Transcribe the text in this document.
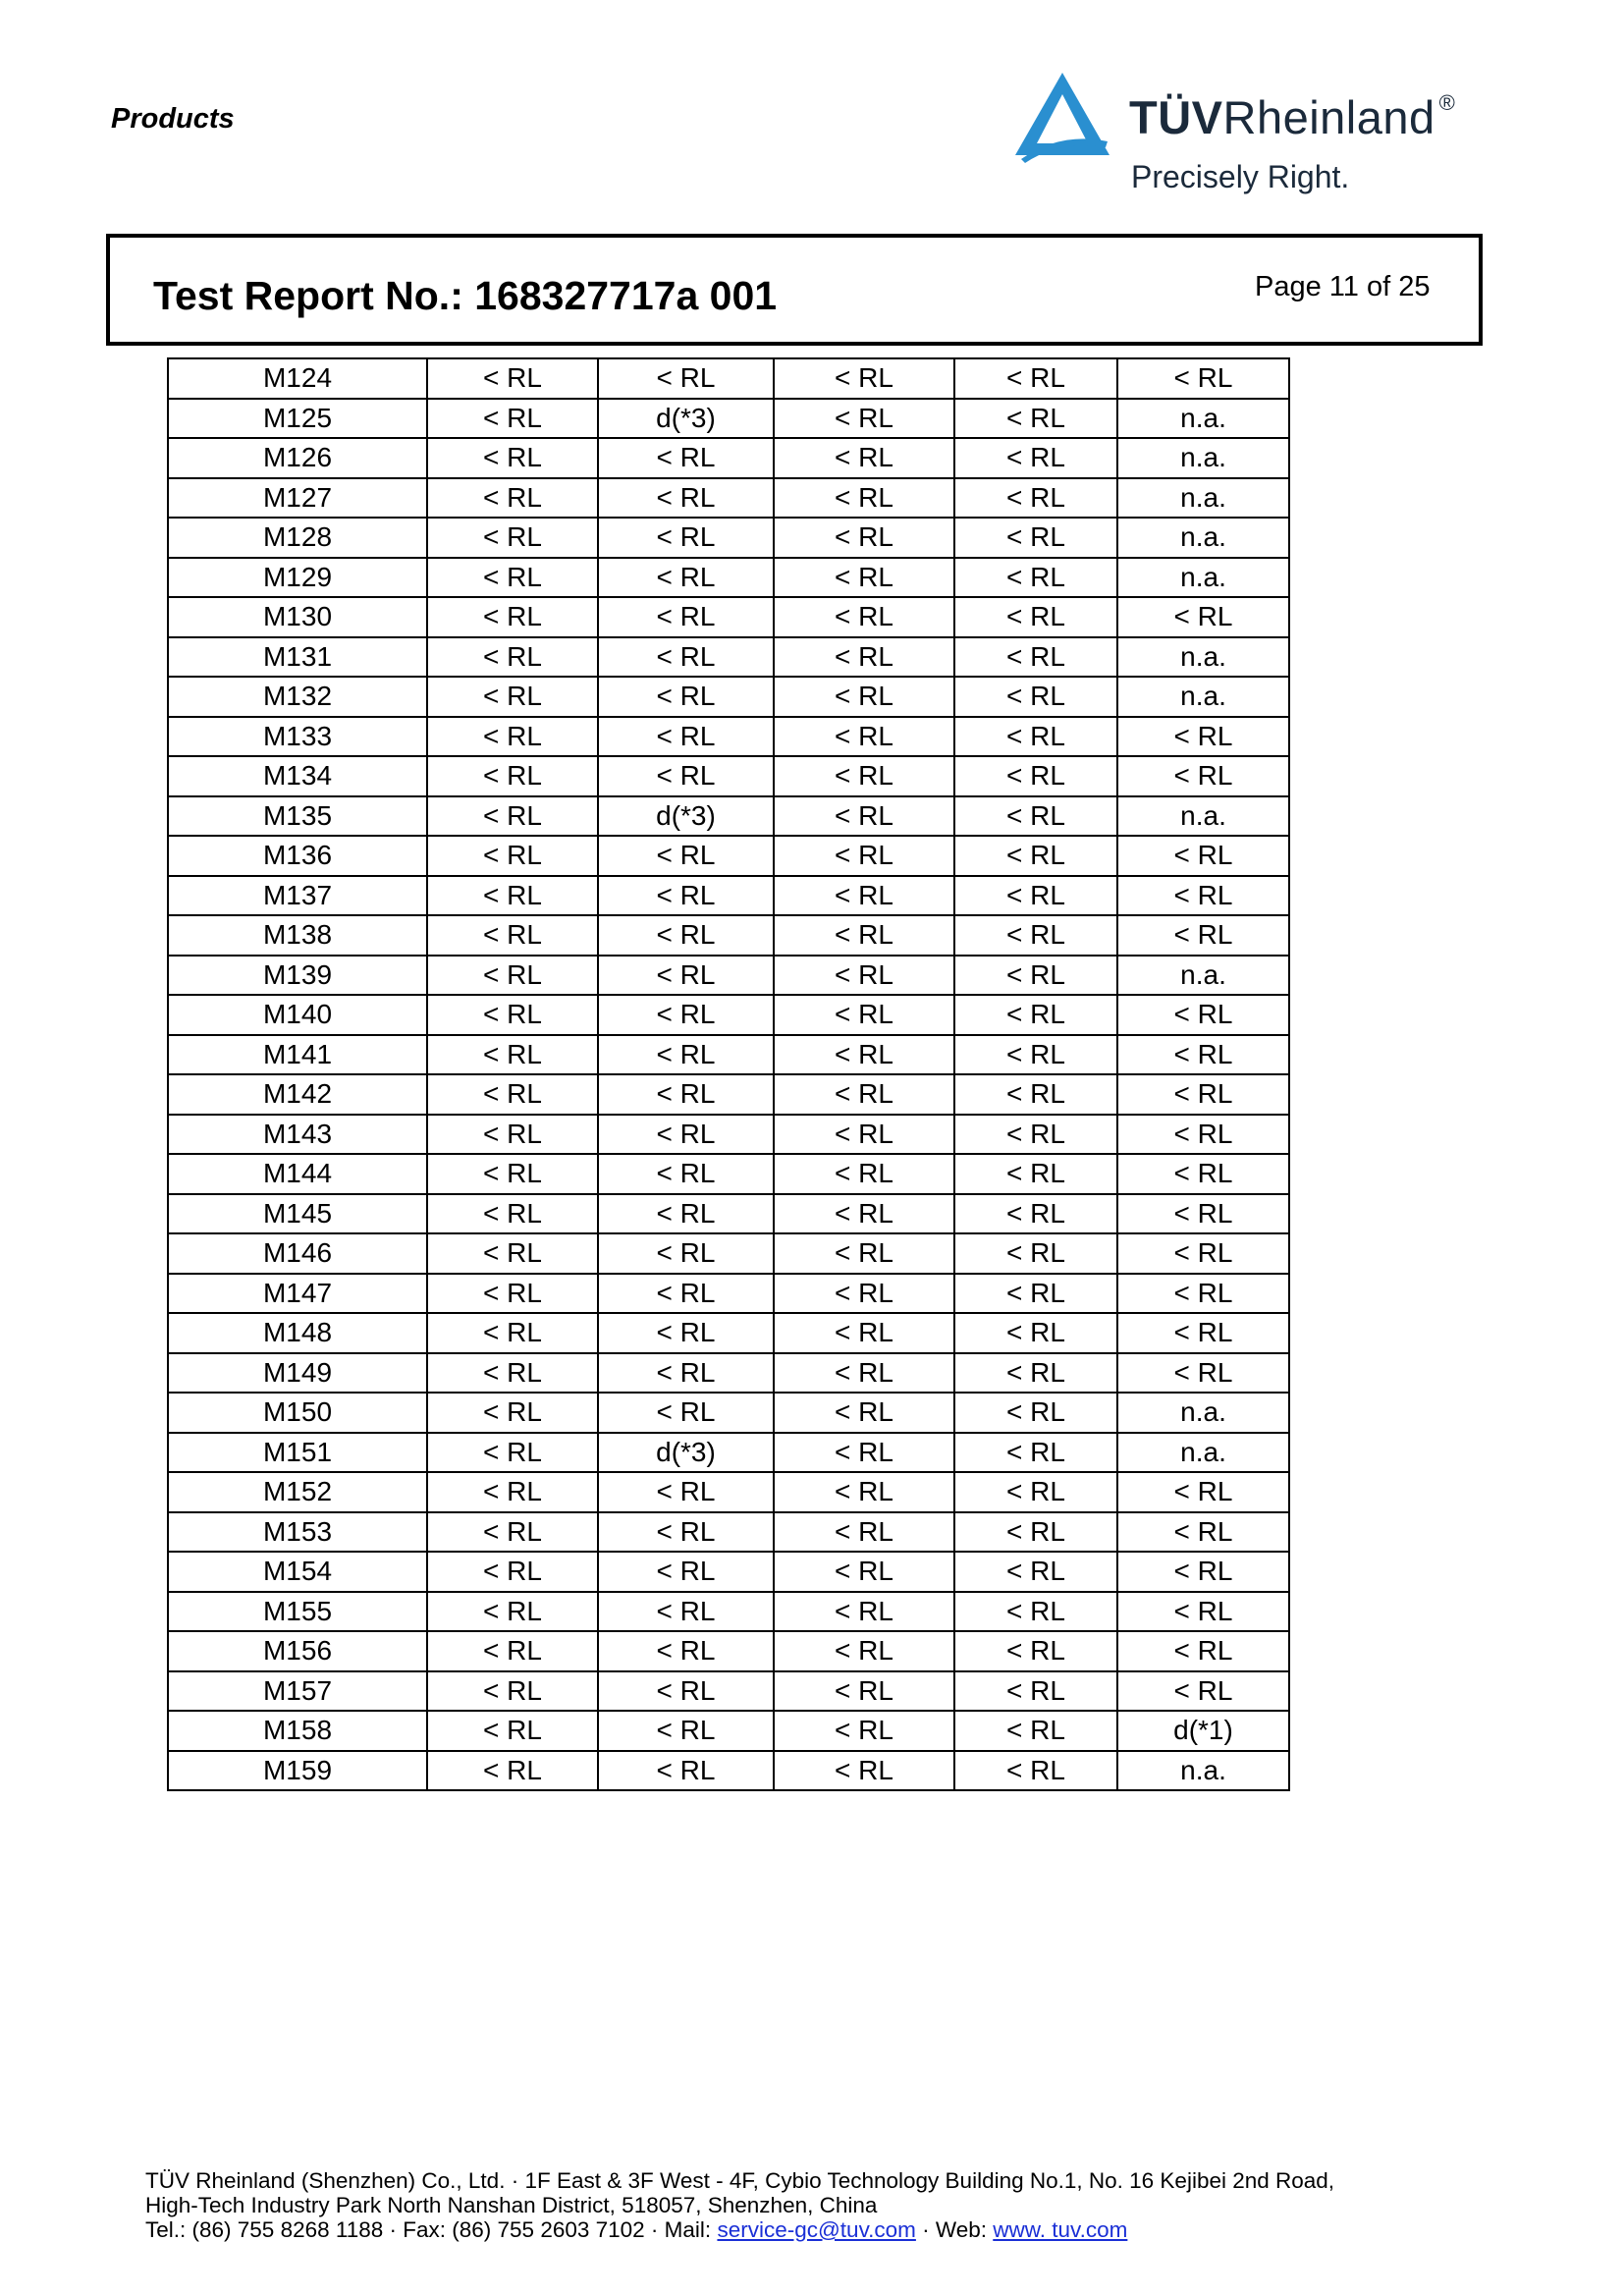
Products	TÜVRheinland ®
Precisely Right.
Test Report No.: 168327717a 001	Page 11 of 25
M124	< RL	< RL	< RL	< RL	< RL
M125	< RL	d(*3)	< RL	< RL	n.a.
M126	< RL	< RL	< RL	< RL	n.a.
M127	< RL	< RL	< RL	< RL	n.a.
M128	< RL	< RL	< RL	< RL	n.a.
M129	< RL	< RL	< RL	< RL	n.a.
M130	< RL	< RL	< RL	< RL	< RL
M131	< RL	< RL	< RL	< RL	n.a.
M132	< RL	< RL	< RL	< RL	n.a.
M133	< RL	< RL	< RL	< RL	< RL
M134	< RL	< RL	< RL	< RL	< RL
M135	< RL	d(*3)	< RL	< RL	n.a.
M136	< RL	< RL	< RL	< RL	< RL
M137	< RL	< RL	< RL	< RL	< RL
M138	< RL	< RL	< RL	< RL	< RL
M139	< RL	< RL	< RL	< RL	n.a.
M140	< RL	< RL	< RL	< RL	< RL
M141	< RL	< RL	< RL	< RL	< RL
M142	< RL	< RL	< RL	< RL	< RL
M143	< RL	< RL	< RL	< RL	< RL
M144	< RL	< RL	< RL	< RL	< RL
M145	< RL	< RL	< RL	< RL	< RL
M146	< RL	< RL	< RL	< RL	< RL
M147	< RL	< RL	< RL	< RL	< RL
M148	< RL	< RL	< RL	< RL	< RL
M149	< RL	< RL	< RL	< RL	< RL
M150	< RL	< RL	< RL	< RL	n.a.
M151	< RL	d(*3)	< RL	< RL	n.a.
M152	< RL	< RL	< RL	< RL	< RL
M153	< RL	< RL	< RL	< RL	< RL
M154	< RL	< RL	< RL	< RL	< RL
M155	< RL	< RL	< RL	< RL	< RL
M156	< RL	< RL	< RL	< RL	< RL
M157	< RL	< RL	< RL	< RL	< RL
M158	< RL	< RL	< RL	< RL	d(*1)
M159	< RL	< RL	< RL	< RL	n.a.
TÜV Rheinland (Shenzhen) Co., Ltd. · 1F East & 3F West - 4F, Cybio Technology Building No.1, No. 16 Kejibei 2nd Road,
High-Tech Industry Park North Nanshan District, 518057, Shenzhen, China
Tel.: (86) 755 8268 1188 · Fax: (86) 755 2603 7102 · Mail: service-gc@tuv.com · Web: www. tuv.com
